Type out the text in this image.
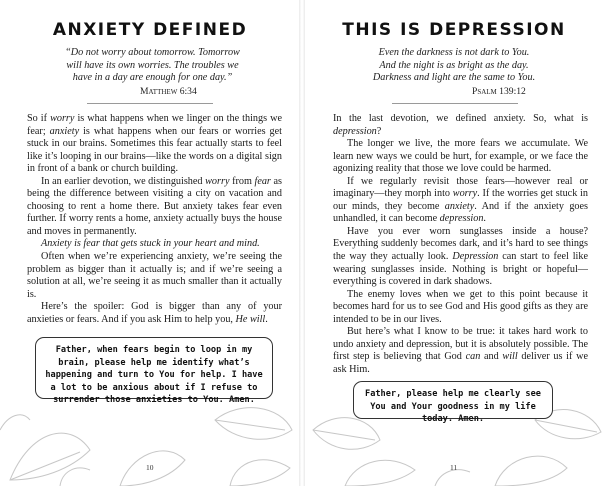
ANXIETY DEFINED
“Do not worry about tomorrow. Tomorrow
will have its own worries. The troubles we
have in a day are enough for one day.”
Matthew 6:34

So if worry is what happens when we linger on the things we fear; anxiety is what happens when our fears or worries get stuck in our brains. Sometimes this fear actually starts to feel like it’s looping in our brains—like the words on a digital sign in front of a bank or church building.

In an earlier devotion, we distinguished worry from fear as being the difference between visiting a city on vacation and choosing to rent a home there. But anxiety takes fear even further. If worry rents a home, anxiety actually buys the house and moves in permanently.

Anxiety is fear that gets stuck in your heart and mind.

Often when we’re experiencing anxiety, we’re seeing the problem as bigger than it actually is; and if we’re seeing a solution at all, we’re seeing it as much smaller than it actually is.

Here’s the spoiler: God is bigger than any of your anxieties or fears. And if you ask Him to help you, He will.

Father, when fears begin to loop in my brain, please help me identify what’s happening and turn to You for help. I have a lot to be anxious about if I refuse to surrender those anxieties to You. Amen.
10
THIS IS DEPRESSION
Even the darkness is not dark to You.
And the night is as bright as the day.
Darkness and light are the same to You.
Psalm 139:12

In the last devotion, we defined anxiety. So, what is depression?

The longer we live, the more fears we accumulate. We learn new ways we could be hurt, for example, or we face the agonizing reality that those we love could be harmed.

If we regularly revisit those fears—however real or imaginary—they morph into worry. If the worries get stuck in our minds, they become anxiety. And if the anxiety goes unhandled, it can become depression.

Have you ever worn sunglasses inside a house? Everything suddenly becomes dark, and it’s hard to see things the way they actually look. Depression can start to feel like wearing sunglasses inside. Nothing is bright or hopeful—everything is covered in dark shadows.

The enemy loves when we get to this point because it becomes hard for us to see God and His good gifts as they are intended to be in our lives.

But here’s what I know to be true: it takes hard work to undo anxiety and depression, but it is absolutely possible. The first step is believing that God can and will deliver us if we ask Him.

Father, please help me clearly see You and Your goodness in my life today. Amen.
11
